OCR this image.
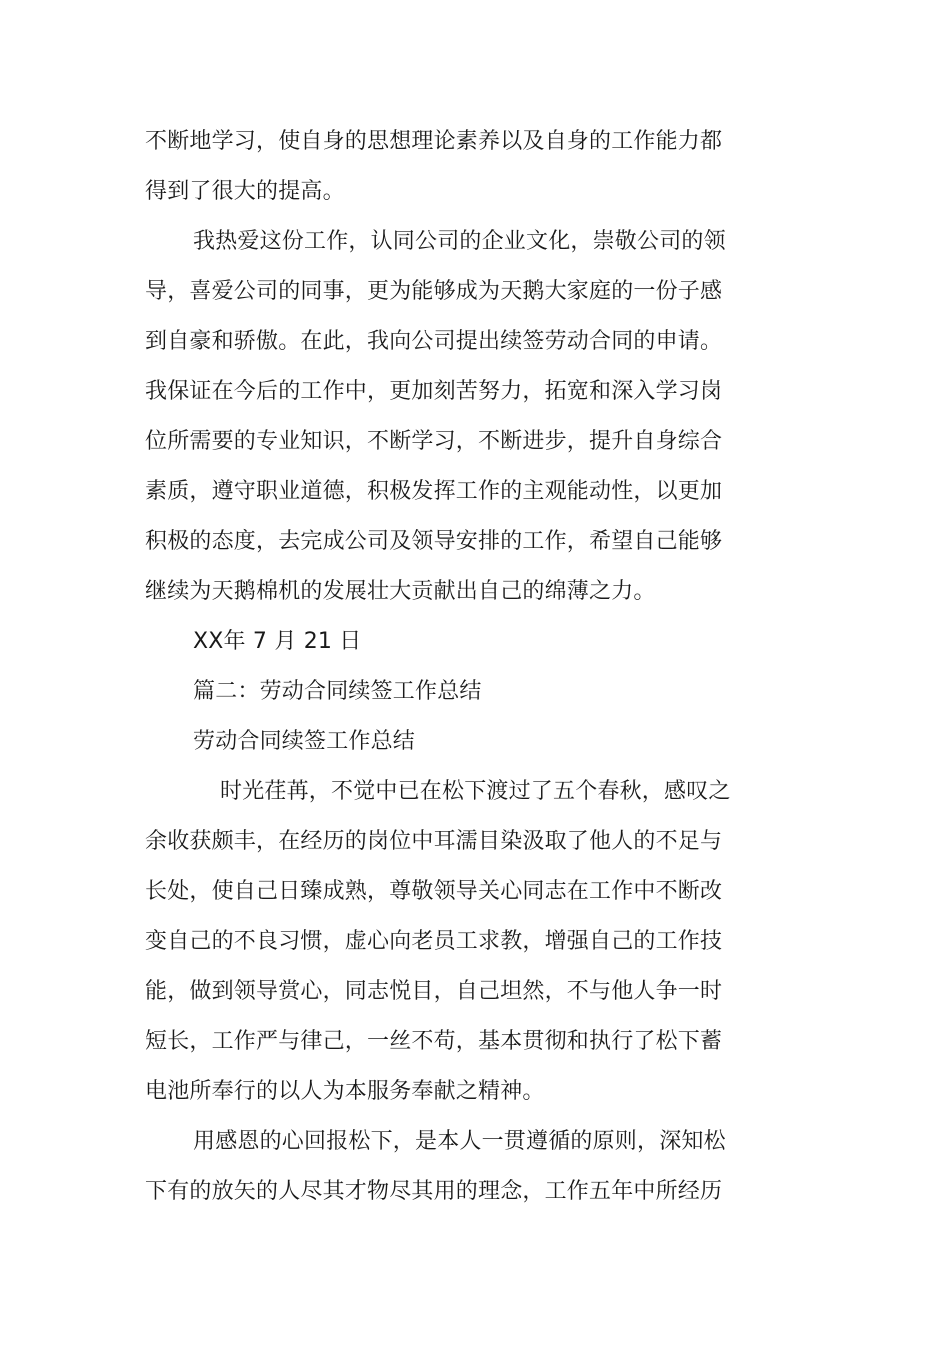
不断地学习，使自身的思想理论素养以及自身的工作能力都
得到了很大的提高。
我热爱这份工作，认同公司的企业文化，崇敬公司的领
导，喜爱公司的同事，更为能够成为天鹅大家庭的一份子感
到自豪和骄傲。在此，我向公司提出续签劳动合同的申请。
我保证在今后的工作中，更加刻苦努力，拓宽和深入学习岗
位所需要的专业知识，不断学习，不断进步，提升自身综合
素质，遵守职业道德，积极发挥工作的主观能动性，以更加
积极的态度，去完成公司及领导安排的工作，希望自己能够
继续为天鹅棉机的发展壮大贡献出自己的绵薄之力。
XX年 7 月 21 日
篇二：劳动合同续签工作总结
劳动合同续签工作总结
时光荏苒，不觉中已在松下渡过了五个春秋，感叹之
余收获颇丰，在经历的岗位中耳濡目染汲取了他人的不足与
长处，使自己日臻成熟，尊敬领导关心同志在工作中不断改
变自己的不良习惯，虚心向老员工求教，增强自己的工作技
能，做到领导赏心，同志悦目，自己坦然，不与他人争一时
短长，工作严与律己，一丝不苟，基本贯彻和执行了松下蓄
电池所奉行的以人为本服务奉献之精神。
用感恩的心回报松下，是本人一贯遵循的原则，深知松
下有的放矢的人尽其才物尽其用的理念，工作五年中所经历
